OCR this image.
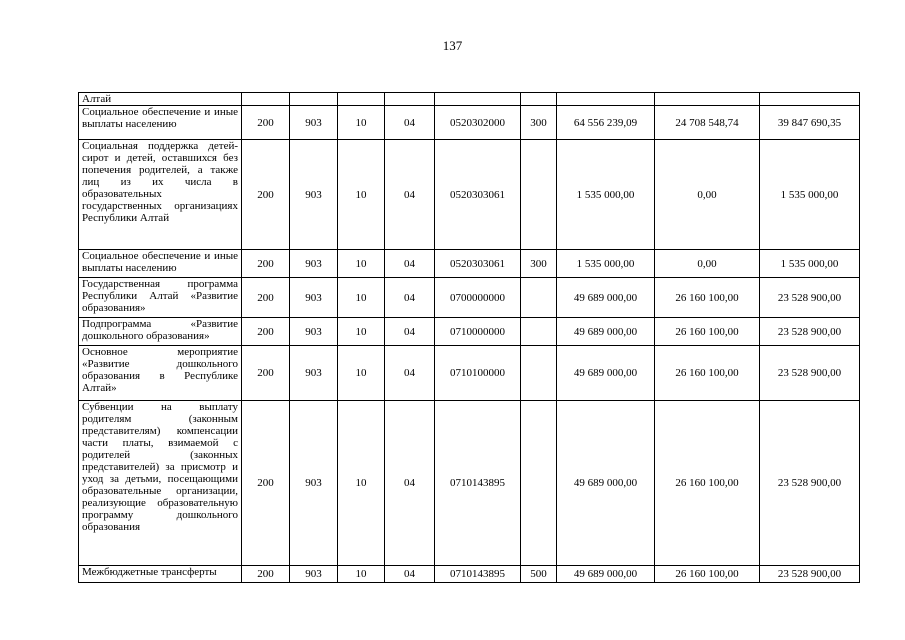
137
Алтай									
Социальное обеспечение и иные выплаты населению	200	903	10	04	0520302000	300	64 556 239,09	24 708 548,74	39 847 690,35
Социальная поддержка детей-сирот и детей, оставшихся без попечения родителей, а также лиц из их числа в образовательных государственных организациях Республики Алтай	200	903	10	04	0520303061		1 535 000,00	0,00	1 535 000,00
Социальное обеспечение и иные выплаты населению	200	903	10	04	0520303061	300	1 535 000,00	0,00	1 535 000,00
Государственная программа Республики Алтай «Развитие образования»	200	903	10	04	0700000000		49 689 000,00	26 160 100,00	23 528 900,00
Подпрограмма «Развитие дошкольного образования»	200	903	10	04	0710000000		49 689 000,00	26 160 100,00	23 528 900,00
Основное мероприятие «Развитие дошкольного образования в Республике Алтай»	200	903	10	04	0710100000		49 689 000,00	26 160 100,00	23 528 900,00
Субвенции на выплату родителям (законным представителям) компенсации части платы, взимаемой с родителей (законных представителей) за присмотр и уход за детьми, посещающими образовательные организации, реализующие образовательную программу дошкольного образования	200	903	10	04	0710143895		49 689 000,00	26 160 100,00	23 528 900,00
Межбюджетные трансферты	200	903	10	04	0710143895	500	49 689 000,00	26 160 100,00	23 528 900,00
